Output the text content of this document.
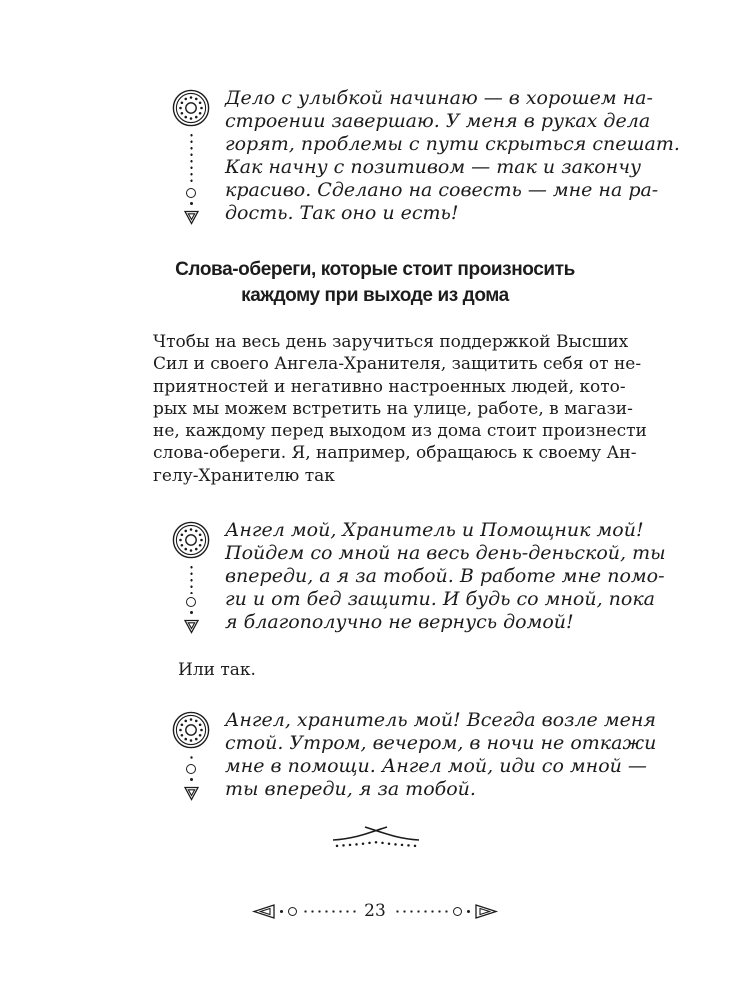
Дело с улыбкой начинаю — в хорошем на-
строении завершаю. У меня в руках дела
горят, проблемы с пути скрыться спешат.
Как начну с позитивом — так и закончу
красиво. Сделано на совесть — мне на ра-
дость. Так оно и есть!
Слова-обереги, которые стоит произносить
каждому при выходе из дома
Чтобы на весь день заручиться поддержкой Высших
Сил и своего Ангела-Хранителя, защитить себя от не-
приятностей и негативно настроенных людей, кото-
рых мы можем встретить на улице, работе, в магази-
не, каждому перед выходом из дома стоит произнести
слова-обереги. Я, например, обращаюсь к своему Ан-
гелу-Хранителю так
Ангел мой, Хранитель и Помощник мой!
Пойдем со мной на весь день-деньской, ты
впереди, а я за тобой. В работе мне помо-
ги и от бед защити. И будь со мной, пока
я благополучно не вернусь домой!
Или так.
Ангел, хранитель мой! Всегда возле меня
стой. Утром, вечером, в ночи не откажи
мне в помощи. Ангел мой, иди со мной —
ты впереди, я за тобой.
23
